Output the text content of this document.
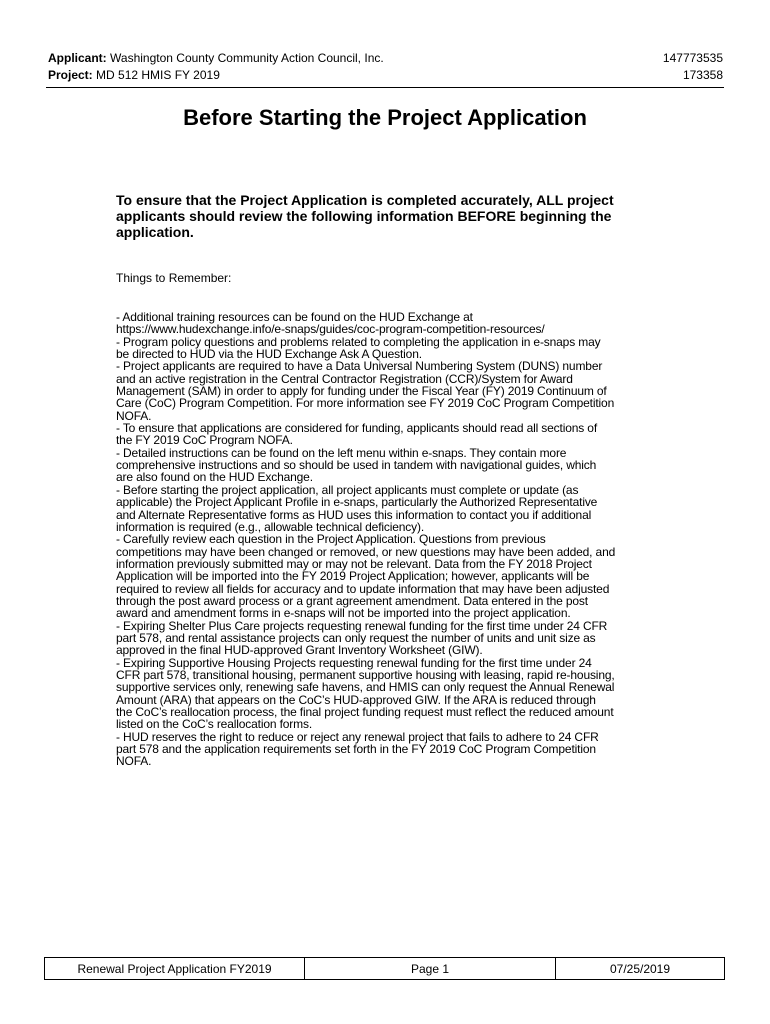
Applicant: Washington County Community Action Council, Inc.	147773535
Project: MD 512 HMIS FY 2019	173358
Before Starting the Project Application
To ensure that the Project Application is completed accurately, ALL project applicants should review the following information BEFORE beginning the application.
Things to Remember:
- Additional training resources can be found on the HUD Exchange at
https://www.hudexchange.info/e-snaps/guides/coc-program-competition-resources/
- Program policy questions and problems related to completing the application in e-snaps may
be directed to HUD via the HUD Exchange Ask A Question.
- Project applicants are required to have a Data Universal Numbering System (DUNS) number
and an active registration in the Central Contractor Registration (CCR)/System for Award
Management (SAM) in order to apply for funding under the Fiscal Year (FY) 2019 Continuum of
Care (CoC) Program Competition. For more information see FY 2019 CoC Program Competition
NOFA.
- To ensure that applications are considered for funding, applicants should read all sections of
the FY 2019 CoC Program NOFA.
- Detailed instructions can be found on the left menu within e-snaps. They contain more
comprehensive instructions and so should be used in tandem with navigational guides, which
are also found on the HUD Exchange.
- Before starting the project application, all project applicants must complete or update (as
applicable) the Project Applicant Profile in e-snaps, particularly the Authorized Representative
and Alternate Representative forms as HUD uses this information to contact you if additional
information is required (e.g., allowable technical deficiency).
- Carefully review each question in the Project Application. Questions from previous
competitions may have been changed or removed, or new questions may have been added, and
information previously submitted may or may not be relevant. Data from the FY 2018 Project
Application will be imported into the FY 2019 Project Application; however, applicants will be
required to review all fields for accuracy and to update information that may have been adjusted
through the post award process or a grant agreement amendment. Data entered in the post
award and amendment forms in e-snaps will not be imported into the project application.
- Expiring Shelter Plus Care projects requesting renewal funding for the first time under 24 CFR
part 578, and rental assistance projects can only request the number of units and unit size as
approved in the final HUD-approved Grant Inventory Worksheet (GIW).
- Expiring Supportive Housing Projects requesting renewal funding for the first time under 24
CFR part 578, transitional housing, permanent supportive housing with leasing, rapid re-housing,
supportive services only, renewing safe havens, and HMIS can only request the Annual Renewal
Amount (ARA) that appears on the CoC’s HUD-approved GIW. If the ARA is reduced through
the CoC’s reallocation process, the final project funding request must reflect the reduced amount
listed on the CoC’s reallocation forms.
- HUD reserves the right to reduce or reject any renewal project that fails to adhere to 24 CFR
part 578 and the application requirements set forth in the FY 2019 CoC Program Competition
NOFA.
Renewal Project Application FY2019	Page 1	07/25/2019
